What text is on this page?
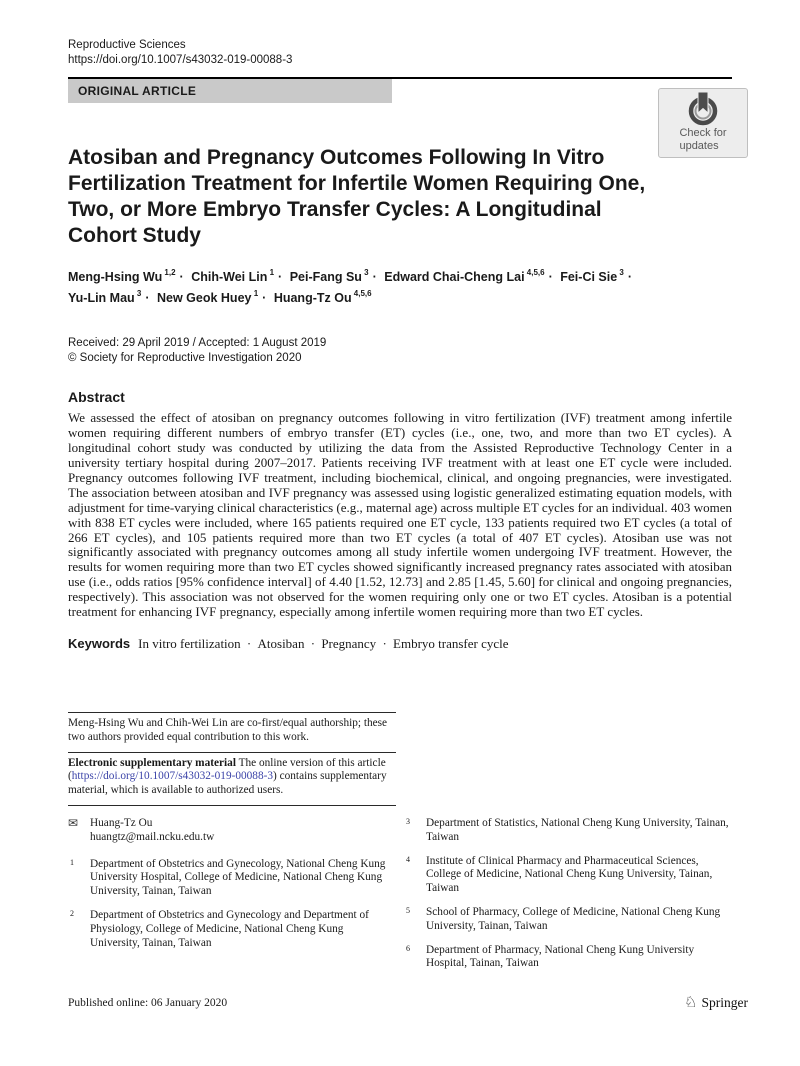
Reproductive Sciences
https://doi.org/10.1007/s43032-019-00088-3
ORIGINAL ARTICLE
Check for
updates
Atosiban and Pregnancy Outcomes Following In Vitro Fertilization Treatment for Infertile Women Requiring One, Two, or More Embryo Transfer Cycles: A Longitudinal Cohort Study
Meng-Hsing Wu $^{1,2}$ · Chih-Wei Lin $^1$ · Pei-Fang Su $^3$ · Edward Chai-Cheng Lai $^{4,5,6}$ · Fei-Ci Sie $^3$ · Yu-Lin Mau $^3$ · New Geok Huey $^1$ · Huang-Tz Ou $^{4,5,6}$
Received: 29 April 2019 / Accepted: 1 August 2019
© Society for Reproductive Investigation 2020
Abstract
We assessed the effect of atosiban on pregnancy outcomes following in vitro fertilization (IVF) treatment among infertile women requiring different numbers of embryo transfer (ET) cycles (i.e., one, two, and more than two ET cycles). A longitudinal cohort study was conducted by utilizing the data from the Assisted Reproductive Technology Center in a university tertiary hospital during 2007–2017. Patients receiving IVF treatment with at least one ET cycle were included. Pregnancy outcomes following IVF treatment, including biochemical, clinical, and ongoing pregnancies, were investigated. The association between atosiban and IVF pregnancy was assessed using logistic generalized estimating equation models, with adjustment for time-varying clinical characteristics (e.g., maternal age) across multiple ET cycles for an individual. 403 women with 838 ET cycles were included, where 165 patients required one ET cycle, 133 patients required two ET cycles (a total of 266 ET cycles), and 105 patients required more than two ET cycles (a total of 407 ET cycles). Atosiban use was not significantly associated with pregnancy outcomes among all study infertile women undergoing IVF treatment. However, the results for women requiring more than two ET cycles showed significantly increased pregnancy rates associated with atosiban use (i.e., odds ratios [95% confidence interval] of 4.40 [1.52, 12.73] and 2.85 [1.45, 5.60] for clinical and ongoing pregnancies, respectively). This association was not observed for the women requiring only one or two ET cycles. Atosiban is a potential treatment for enhancing IVF pregnancy, especially among infertile women requiring more than two ET cycles.
Keywords In vitro fertilization · Atosiban · Pregnancy · Embryo transfer cycle

Meng-Hsing Wu and Chih-Wei Lin are co-first/equal authorship; these two authors provided equal contribution to this work.

Electronic supplementary material The online version of this article (https://doi.org/10.1007/s43032-019-00088-3) contains supplementary material, which is available to authorized users.

✉ Huang-Tz Ou
huangtz@mail.ncku.edu.tw
1 Department of Obstetrics and Gynecology, National Cheng Kung University Hospital, College of Medicine, National Cheng Kung University, Tainan, Taiwan
2 Department of Obstetrics and Gynecology and Department of Physiology, College of Medicine, National Cheng Kung University, Tainan, Taiwan
3 Department of Statistics, National Cheng Kung University, Tainan, Taiwan
4 Institute of Clinical Pharmacy and Pharmaceutical Sciences, College of Medicine, National Cheng Kung University, Tainan, Taiwan
5 School of Pharmacy, College of Medicine, National Cheng Kung University, Tainan, Taiwan
6 Department of Pharmacy, National Cheng Kung University Hospital, Tainan, Taiwan
Published online: 06 January 2020	♘ Springer
